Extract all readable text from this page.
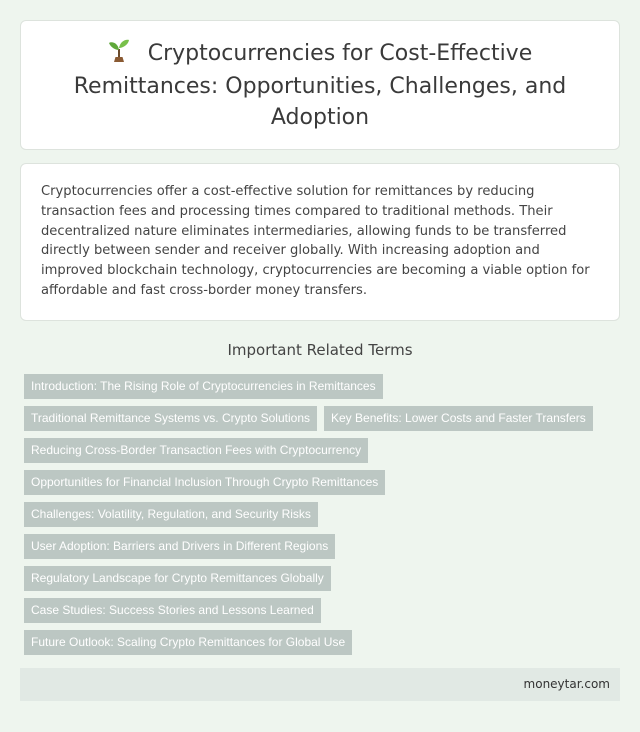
Cryptocurrencies for Cost-Effective Remittances: Opportunities, Challenges, and Adoption

Cryptocurrencies offer a cost-effective solution for remittances by reducing transaction fees and processing times compared to traditional methods. Their decentralized nature eliminates intermediaries, allowing funds to be transferred directly between sender and receiver globally. With increasing adoption and improved blockchain technology, cryptocurrencies are becoming a viable option for affordable and fast cross-border money transfers.

Important Related Terms
Introduction: The Rising Role of Cryptocurrencies in Remittances
Traditional Remittance Systems vs. Crypto Solutions	Key Benefits: Lower Costs and Faster Transfers
Reducing Cross-Border Transaction Fees with Cryptocurrency
Opportunities for Financial Inclusion Through Crypto Remittances
Challenges: Volatility, Regulation, and Security Risks
User Adoption: Barriers and Drivers in Different Regions
Regulatory Landscape for Crypto Remittances Globally
Case Studies: Success Stories and Lessons Learned
Future Outlook: Scaling Crypto Remittances for Global Use
moneytar.com
